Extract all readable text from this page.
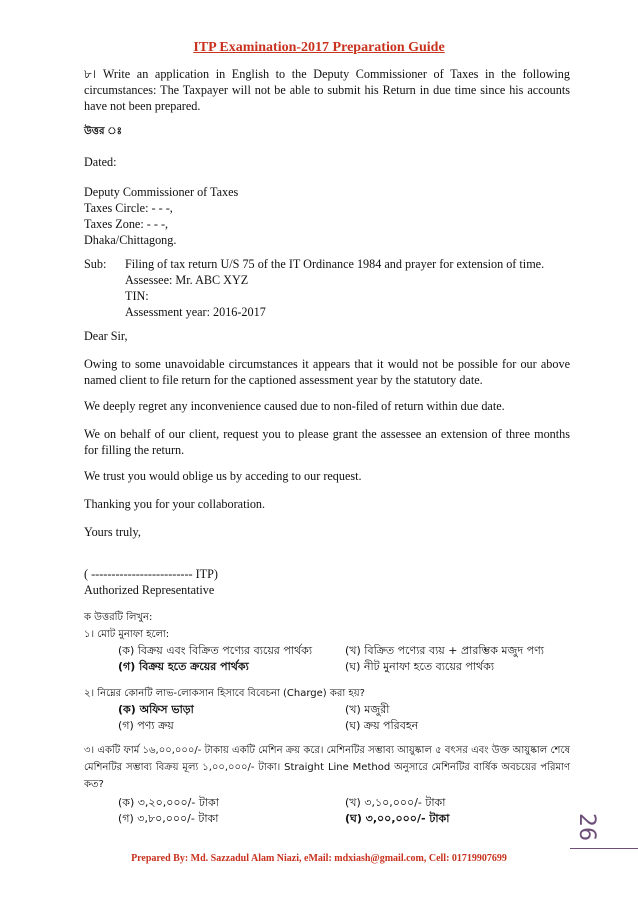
ITP Examination-2017 Preparation Guide
৮। Write an application in English to the Deputy Commissioner of Taxes in the following circumstances: The Taxpayer will not be able to submit his Return in due time since his accounts have not been prepared.
উত্তর ঃ
Dated:
Deputy Commissioner of Taxes
Taxes Circle: - - -,
Taxes Zone: - - -,
Dhaka/Chittagong.
Sub:	Filing of tax return U/S 75 of the IT Ordinance 1984 and prayer for extension of time.
Assessee: Mr. ABC XYZ
TIN:
Assessment year: 2016-2017
Dear Sir,
Owing to some unavoidable circumstances it appears that it would not be possible for our above named client to file return for the captioned assessment year by the statutory date.
We deeply regret any inconvenience caused due to non-filed of return within due date.
We on behalf of our client, request you to please grant the assessee an extension of three months for filling the return.
We trust you would oblige us by acceding to our request.
Thanking you for your collaboration.
Yours truly,
( ------------------------- ITP)
Authorized Representative
ক উত্তরটি লিখুন:
১। মোট মুনাফা হলো:
(ক) বিক্রয় এবং বিক্রিত পণ্যের ব্যয়ের পার্থক্য	(খ) বিক্রিত পণ্যের ব্যয় + প্রারম্ভিক মজুদ পণ্য
(গ) বিক্রয় হতে ক্রয়ের পার্থক্য	(ঘ) নীট মুনাফা হতে ব্যয়ের পার্থক্য
২। নিম্নের কোনটি লাভ-লোকসান হিসাবে বিবেচনা (Charge) করা হয়?
(ক) অফিস ভাড়া	(খ) মজুরী
(গ) পণ্য ক্রয়	(ঘ) ক্রয় পরিবহন
৩। একটি ফার্ম ১৬,০০,০০০/- টাকায় একটি মেশিন ক্রয় করে। মেশিনটির সম্ভাব্য আয়ুষ্কাল ৫ বৎসর এবং উক্ত আয়ুষ্কাল শেষে মেশিনটির সম্ভাব্য বিক্রয় মূল্য ১,০০,০০০/- টাকা। Straight Line Method অনুসারে মেশিনটির বার্ষিক অবচয়ের পরিমাণ কত?
(ক) ৩,২০,০০০/- টাকা	(খ) ৩,১০,০০০/- টাকা
(গ) ৩,৮০,০০০/- টাকা	(ঘ) ৩,০০,০০০/- টাকা	26
Prepared By: Md. Sazzadul Alam Niazi, eMail: mdxiash@gmail.com, Cell: 01719907699
